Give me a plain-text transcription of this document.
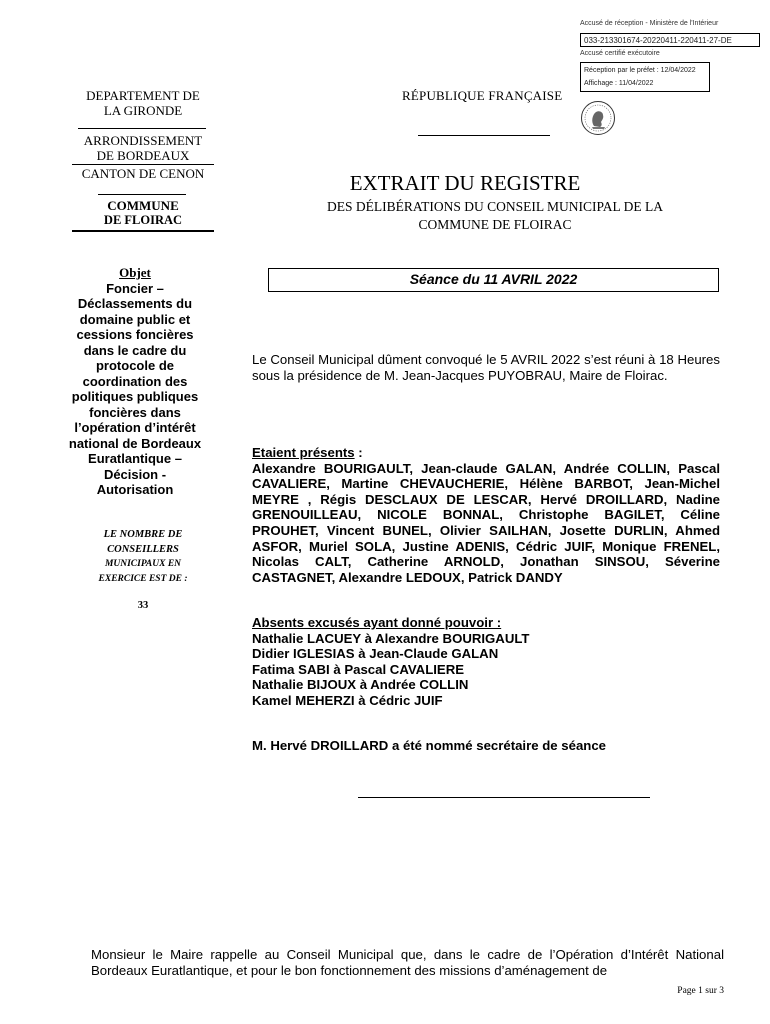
Accusé de réception - Ministère de l'Intérieur
033-213301674-20220411-220411-27-DE
Accusé certifié exécutoire
Réception par le préfet : 12/04/2022
Affichage : 11/04/2022
DEPARTEMENT DE
LA GIRONDE
ARRONDISSEMENT
DE BORDEAUX
CANTON DE CENON
COMMUNE
DE FLOIRAC
Objet
Foncier –
Déclassements du
domaine public et
cessions foncières
dans le cadre du
protocole de
coordination des
politiques publiques
foncières dans
l’opération d’intérêt
national de Bordeaux
Euratlantique –
Décision -
Autorisation
LE NOMBRE DE
CONSEILLERS
MUNICIPAUX EN
EXERCICE EST DE :
33
RÉPUBLIQUE FRANÇAISE
EXTRAIT DU REGISTRE
DES DÉLIBÉRATIONS DU CONSEIL MUNICIPAL DE LA
COMMUNE DE FLOIRAC
Séance du 11 AVRIL 2022
Le Conseil Municipal dûment convoqué le 5 AVRIL 2022 s’est réuni à 18 Heures sous la présidence de M. Jean-Jacques PUYOBRAU, Maire de Floirac.
Etaient présents :
Alexandre BOURIGAULT, Jean-claude GALAN, Andrée COLLIN, Pascal CAVALIERE, Martine CHEVAUCHERIE, Hélène BARBOT, Jean-Michel MEYRE , Régis DESCLAUX DE LESCAR, Hervé DROILLARD, Nadine GRENOUILLEAU, NICOLE BONNAL, Christophe BAGILET, Céline PROUHET, Vincent BUNEL, Olivier SAILHAN, Josette DURLIN, Ahmed ASFOR, Muriel SOLA, Justine ADENIS, Cédric JUIF, Monique FRENEL, Nicolas CALT, Catherine ARNOLD, Jonathan SINSOU, Séverine CASTAGNET, Alexandre LEDOUX, Patrick DANDY
Absents excusés ayant donné pouvoir :
Nathalie LACUEY à Alexandre BOURIGAULT
Didier IGLESIAS à Jean-Claude GALAN
Fatima SABI à Pascal CAVALIERE
Nathalie BIJOUX à Andrée COLLIN
Kamel MEHERZI à Cédric JUIF
M. Hervé DROILLARD a été nommé secrétaire de séance
Monsieur le Maire rappelle au Conseil Municipal que, dans le cadre de l’Opération d’Intérêt National Bordeaux Euratlantique, et pour le bon fonctionnement des missions d’aménagement de
Page 1 sur 3
